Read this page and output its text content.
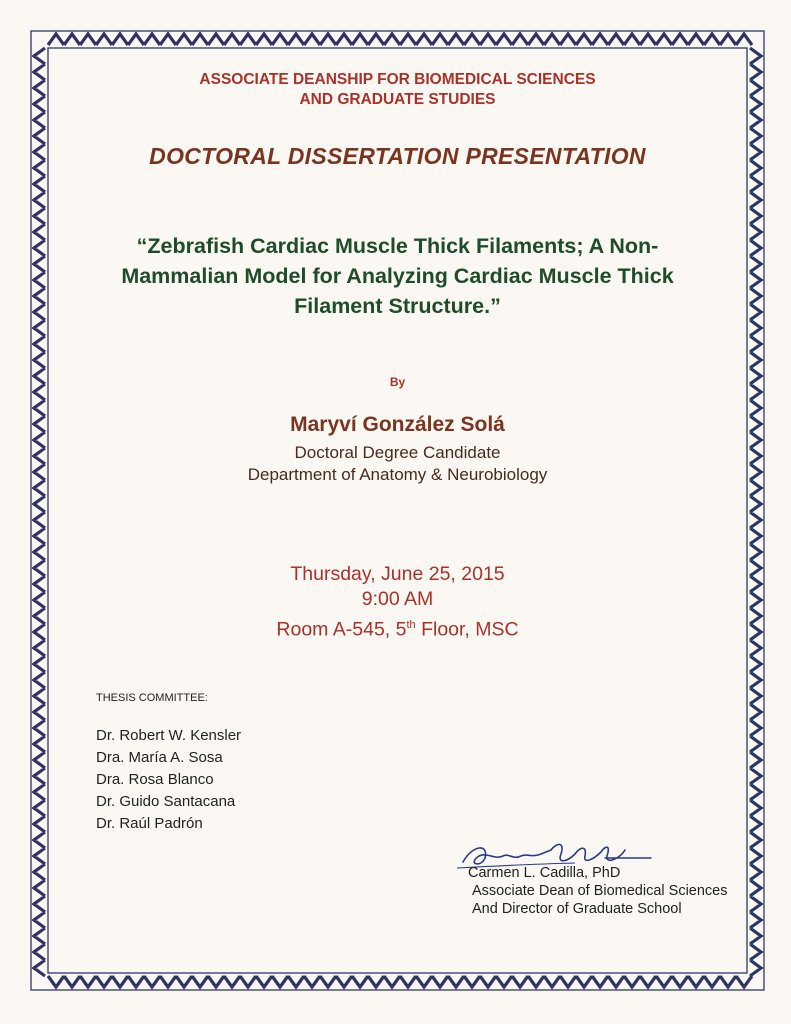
ASSOCIATE DEANSHIP FOR BIOMEDICAL SCIENCES
AND GRADUATE STUDIES
DOCTORAL DISSERTATION PRESENTATION
“Zebrafish Cardiac Muscle Thick Filaments; A Non-
Mammalian Model for Analyzing Cardiac Muscle Thick
Filament Structure.”
By
Maryví González Solá
Doctoral Degree Candidate
Department of Anatomy & Neurobiology
Thursday, June 25, 2015
9:00 AM
Room A-545, 5th Floor, MSC
THESIS COMMITTEE:
Dr. Robert W. Kensler
Dra. María A. Sosa
Dra. Rosa Blanco
Dr. Guido Santacana
Dr. Raúl Padrón
Carmen L. Cadilla, PhD
Associate Dean of Biomedical Sciences
And Director of Graduate School
